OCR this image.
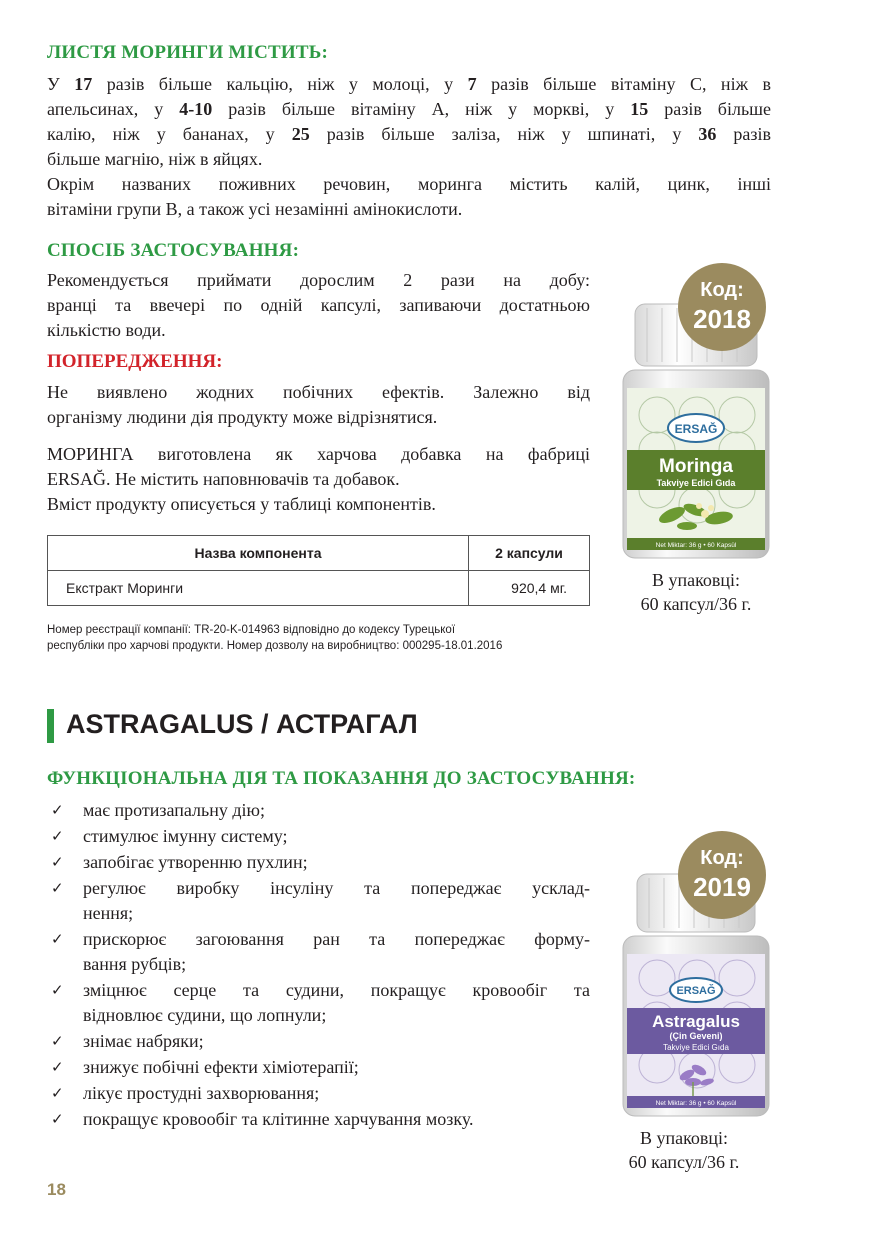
ЛИСТЯ МОРИНГИ МІСТИТЬ:
У 17 разів більше кальцію, ніж у молоці, у 7 разів більше вітаміну С, ніж в
апельсинах, у 4-10 разів більше вітаміну А, ніж у моркві, у 15 разів більше
калію, ніж у бананах, у 25 разів більше заліза, ніж у шпинаті, у 36 разів
більше магнію, ніж в яйцях.
Окрім названих поживних речовин, моринга містить калій, цинк, інші
вітаміни групи B, а також усі незамінні амінокислоти.
СПОСІБ ЗАСТОСУВАННЯ:
Рекомендується приймати дорослим 2 рази на добу:
вранці та ввечері по одній капсулі, запиваючи достатньою
кількістю води.
ПОПЕРЕДЖЕННЯ:
Не виявлено жодних побічних ефектів. Залежно від
організму людини дія продукту може відрізнятися.
МОРИНГА виготовлена як харчова добавка на фабриці
ERSAĞ. Не містить наповнювачів та добавок.
Вміст продукту описується у таблиці компонентів.
Назва компонента	2 капсули
Екстракт Моринги	920,4 мг.
Номер реєстрації компанії: TR-20-K-014963 відповідно до кодексу Турецької
республіки про харчові продукти. Номер дозволу на виробництво: 000295-18.01.2016
ERSAĞ
Moringa
Takviye Edici Gıda
Net Miktar: 36 g • 60 Kapsül
Код:
2018
В упаковці:
60 капсул/36 г.
ASTRAGALUS / АСТРАГАЛ
ФУНКЦІОНАЛЬНА ДІЯ ТА ПОКАЗАННЯ ДО ЗАСТОСУВАННЯ:
✓ має протизапальну дію;
✓ стимулює імунну систему;
✓ запобігає утворенню пухлин;
✓ регулює виробку інсуліну та попереджає усклад-
нення;
✓ прискорює загоювання ран та попереджає форму-
вання рубців;
✓ зміцнює серце та судини, покращує кровообіг та
відновлює судини, що лопнули;
✓ знімає набряки;
✓ знижує побічні ефекти хіміотерапії;
✓ лікує простудні захворювання;
✓ покращує кровообіг та клітинне харчування мозку.
ERSAĞ
Astragalus
(Çin Geveni)
Takviye Edici Gıda
Net Miktar: 36 g • 60 Kapsül
Код:
2019
В упаковці:
60 капсул/36 г.
18
